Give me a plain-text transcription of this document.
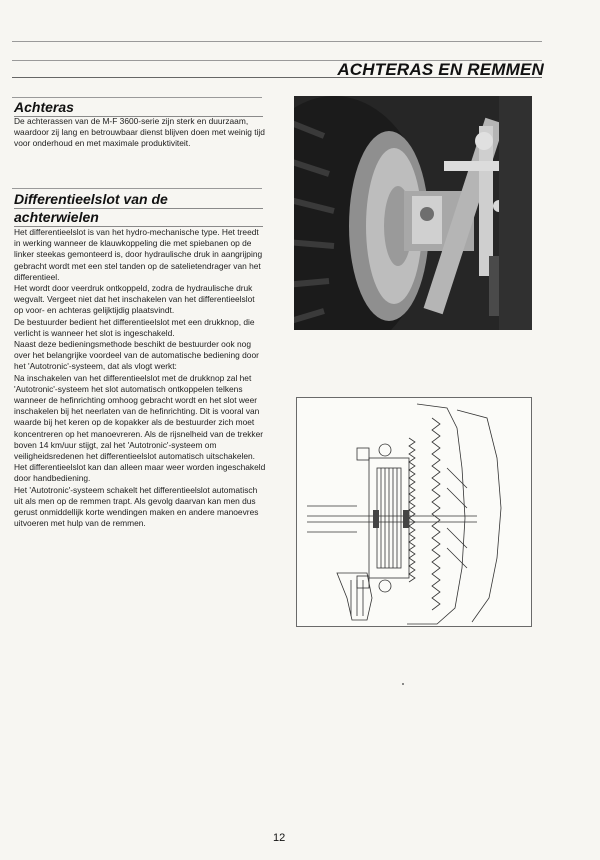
ACHTERAS EN REMMEN
Achteras

De achterassen van de M-F 3600-serie zijn sterk en duurzaam, waardoor zij lang en betrouwbaar dienst blijven doen met weinig tijd voor onderhoud en met maximale produktiviteit.

Differentieelslot van de
achterwielen

Het differentieelslot is van het hydro-mechanische type. Het treedt in werking wanneer de klauwkoppeling die met spiebanen op de linker steekas gemonteerd is, door hydraulische druk in aangrijping gebracht wordt met een stel tanden op de satelietendrager van het differentieel.

Het wordt door veerdruk ontkoppeld, zodra de hydraulische druk wegvalt. Vergeet niet dat het inschakelen van het differentieelslot op voor- en achteras gelijktijdig plaatsvindt.

De bestuurder bedient het differentieelslot met een drukknop, die verlicht is wanneer het slot is ingeschakeld.

Naast deze bedieningsmethode beschikt de bestuurder ook nog over het belangrijke voordeel van de automatische bediening door het 'Autotronic'-systeem, dat als vlogt werkt:

Na inschakelen van het differentieelslot met de drukknop zal het 'Autotronic'-systeem het slot automatisch ontkoppelen telkens wanneer de hefinrichting omhoog gebracht wordt en het slot weer inschakelen bij het neerlaten van de hefinrichting. Dit is vooral van waarde bij het keren op de kopakker als de bestuurder zich moet koncentreren op het manoevreren. Als de rijsnelheid van de trekker boven 14 km/uur stijgt, zal het 'Autotronic'-systeem om veiligheidsredenen het differentieelslot automatisch uitschakelen. Het differentieelslot kan dan alleen maar weer worden ingeschakeld door handbediening.

Het 'Autotronic'-systeem schakelt het differentieelslot automatisch uit als men op de remmen trapt. Als gevolg daarvan kan men dus gerust onmiddellijk korte wendingen maken en andere manoevres uitvoeren met hulp van de remmen.

12
